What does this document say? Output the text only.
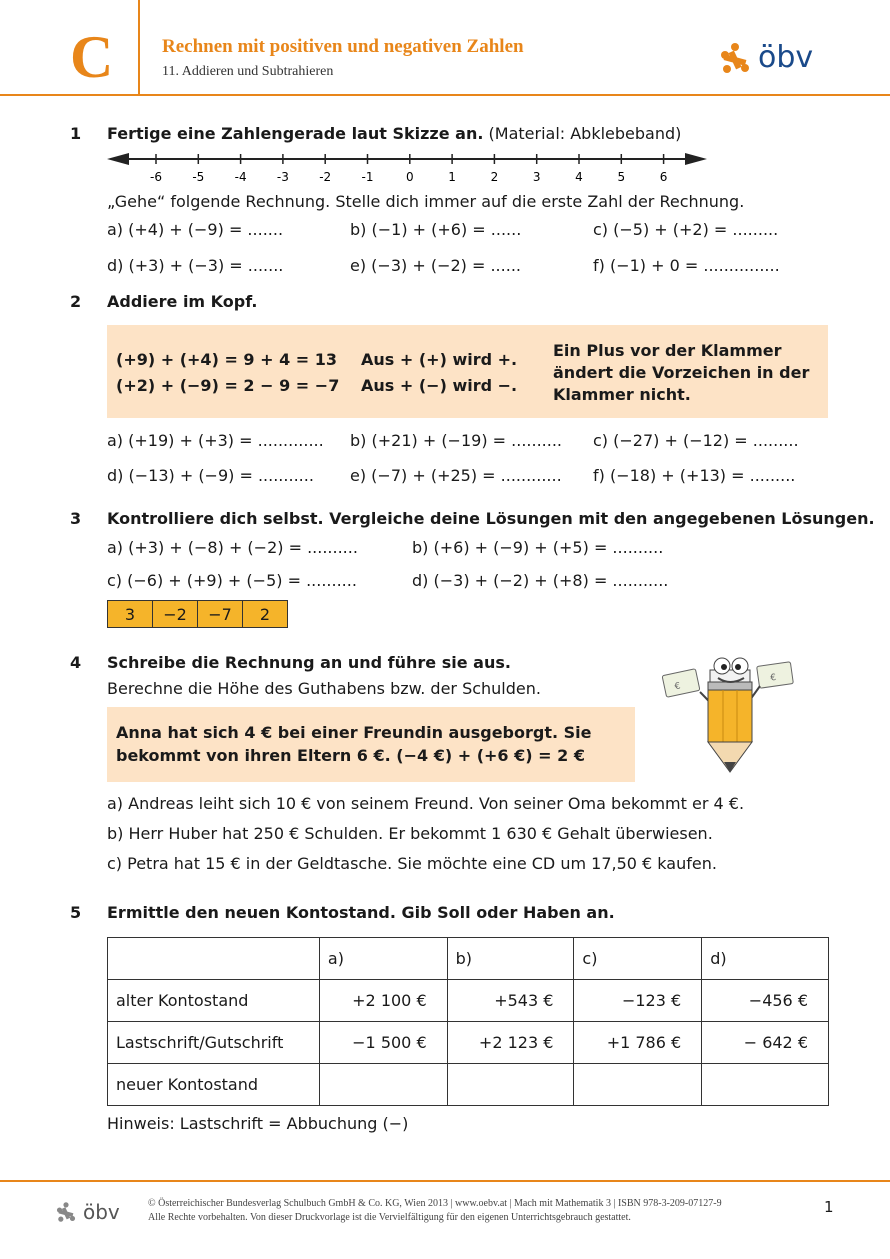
C	Rechnen mit positiven und negativen Zahlen
11. Addieren und Subtrahieren	öbv
1 Fertige eine Zahlengerade laut Skizze an. (Material: Abklebeband)
-6	-5	-4	-3	-2	-1	0	1	2	3	4	5	6
„Gehe“ folgende Rechnung. Stelle dich immer auf die erste Zahl der Rechnung.
a) (+4) + (−9) = .......	b) (−1) + (+6) = ......	c) (−5) + (+2) = .........
d) (+3) + (−3) = .......	e) (−3) + (−2) = ......	f) (−1) + 0 = ...............
2 Addiere im Kopf.
(+9) + (+4) = 9 + 4 = 13
(+2) + (−9) = 2 − 9 = −7
Aus + (+) wird +.
Aus + (−) wird −.
Ein Plus vor der Klammer ändert die Vorzeichen in der Klammer nicht.
a) (+19) + (+3) = ............. b) (+21) + (−19) = .......... c) (−27) + (−12) = .........
d) (−13) + (−9) = ........... e) (−7) + (+25) = ............ f) (−18) + (+13) = .........
3 Kontrolliere dich selbst. Vergleiche deine Lösungen mit den angegebenen Lösungen.
a) (+3) + (−8) + (−2) = ..........	b) (+6) + (−9) + (+5) = ..........
c) (−6) + (+9) + (−5) = ..........	d) (−3) + (−2) + (+8) = ...........
3	−2	−7	2
4 Schreibe die Rechnung an und führe sie aus.
Berechne die Höhe des Guthabens bzw. der Schulden.
Anna hat sich 4 € bei einer Freundin ausgeborgt. Sie bekommt von ihren Eltern 6 €. (−4 €) + (+6 €) = 2 €
€
€
a) Andreas leiht sich 10 € von seinem Freund. Von seiner Oma bekommt er 4 €.
b) Herr Huber hat 250 € Schulden. Er bekommt 1 630 € Gehalt überwiesen.
c) Petra hat 15 € in der Geldtasche. Sie möchte eine CD um 17,50 € kaufen.
5 Ermittle den neuen Kontostand. Gib Soll oder Haben an.
	a)	b)	c)	d)
alter Kontostand	+2 100 €	+543 €	−123 €	−456 €
Lastschrift/Gutschrift	−1 500 €	+2 123 €	+1 786 €	− 642 €
neuer Kontostand				
Hinweis: Lastschrift = Abbuchung (−)
öbv	© Österreichischer Bundesverlag Schulbuch GmbH & Co. KG, Wien 2013 | www.oebv.at | Mach mit Mathematik 3 | ISBN 978-3-209-07127-9
Alle Rechte vorbehalten. Von dieser Druckvorlage ist die Vervielfältigung für den eigenen Unterrichtsgebrauch gestattet.
1
